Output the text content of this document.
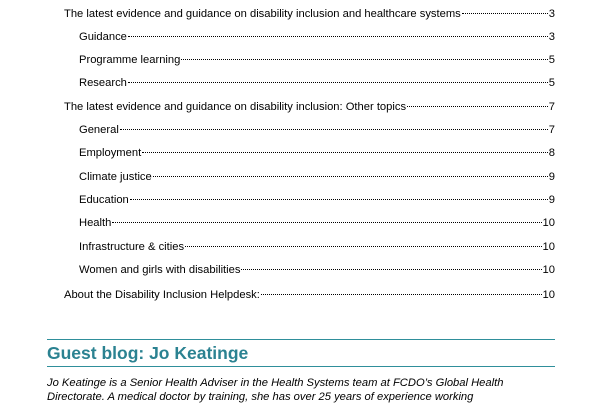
The latest evidence and guidance on disability inclusion and healthcare systems	3
Guidance	3
Programme learning	5
Research	5
The latest evidence and guidance on disability inclusion: Other topics	7
General	7
Employment	8
Climate justice	9
Education	9
Health	10
Infrastructure & cities	10
Women and girls with disabilities	10
About the Disability Inclusion Helpdesk:	10
Guest blog: Jo Keatinge
Jo Keatinge is a Senior Health Adviser in the Health Systems team at FCDO’s Global Health
Directorate. A medical doctor by training, she has over 25 years of experience working
